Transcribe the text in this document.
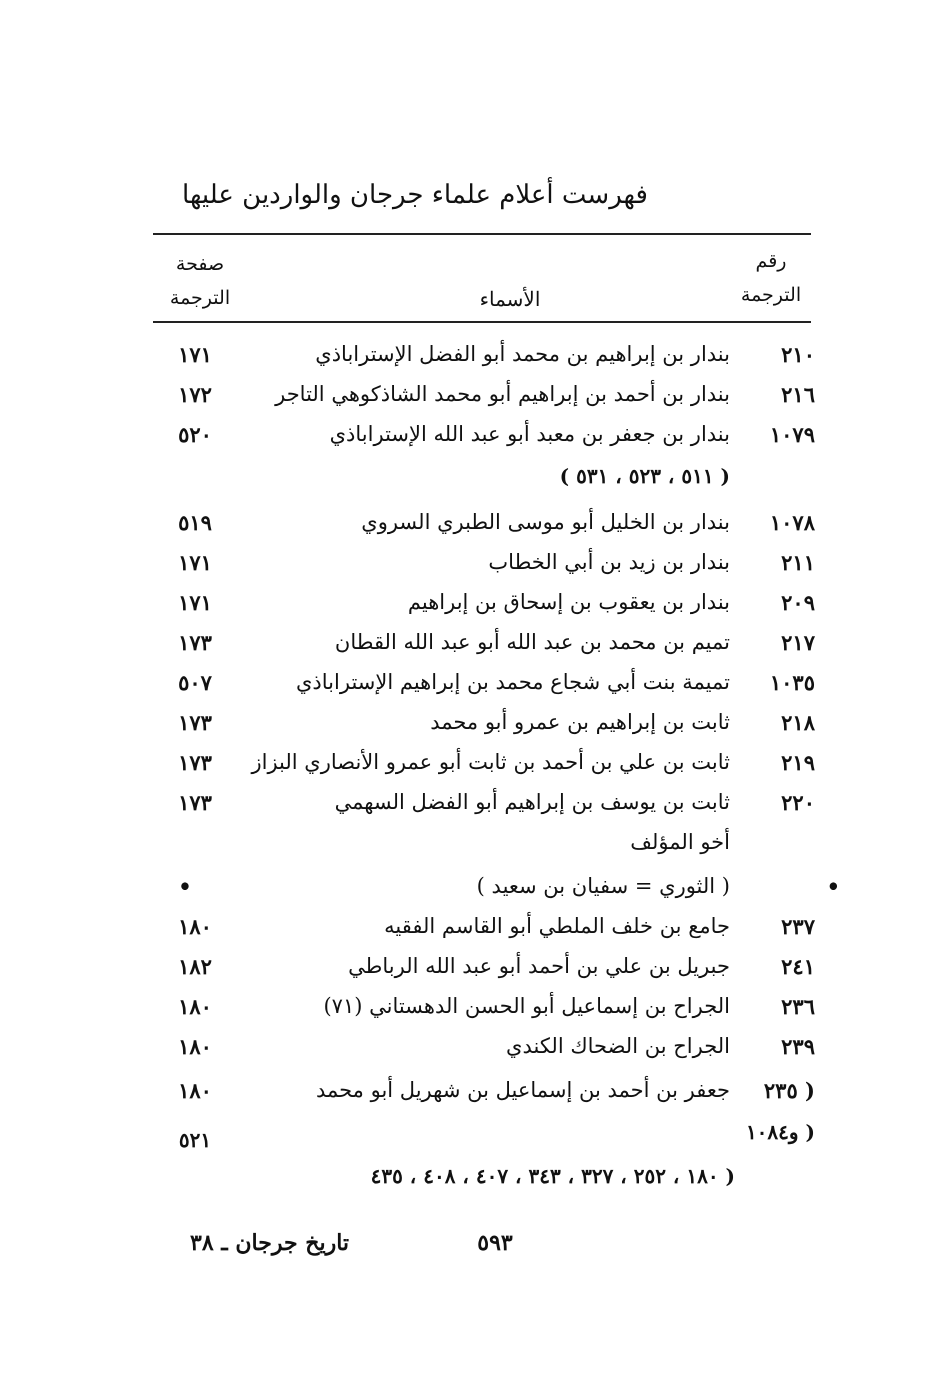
فهرست أعلام علماء جرجان والواردين عليها
رقم
الترجمة
الأسماء
صفحة
الترجمة
٢١٠
بندار بن إبراهيم بن محمد أبو الفضل الإستراباذي
١٧١
٢١٦
بندار بن أحمد بن إبراهيم أبو محمد الشاذكوهي التاجر
١٧٢
١٠٧٩
بندار بن جعفر بن معبد أبو عبد الله الإستراباذي
٥٢٠
( ٥١١ ، ٥٢٣ ، ٥٣١ )
١٠٧٨
بندار بن الخليل أبو موسى الطبري السروي
٥١٩
٢١١
بندار بن زيد بن أبي الخطاب
١٧١
٢٠٩
بندار بن يعقوب بن إسحاق بن إبراهيم
١٧١
٢١٧
تميم بن محمد بن عبد الله أبو عبد الله القطان
١٧٣
١٠٣٥
تميمة بنت أبي شجاع محمد بن إبراهيم الإستراباذي
٥٠٧
٢١٨
ثابت بن إبراهيم بن عمرو أبو محمد
١٧٣
٢١٩
ثابت بن علي بن أحمد بن ثابت أبو عمرو الأنصاري البزاز
١٧٣
٢٢٠
ثابت بن يوسف بن إبراهيم أبو الفضل السهمي
١٧٣
أخو المؤلف
•
( الثوري = سفيان بن سعيد )
•
٢٣٧
جامع بن خلف الملطي أبو القاسم الفقيه
١٨٠
٢٤١
جبريل بن علي بن أحمد أبو عبد الله الرباطي
١٨٢
٢٣٦
الجراح بن إسماعيل أبو الحسن الدهستاني (٧١)
١٨٠
٢٣٩
الجراح بن الضحاك الكندي
١٨٠
( ٢٣٥
جعفر بن أحمد بن إسماعيل بن شهريل أبو محمد
١٨٠
( و١٠٨٤
٥٢١
( ١٨٠ ، ٢٥٢ ، ٣٢٧ ، ٣٤٣ ، ٤٠٧ ، ٤٠٨ ، ٤٣٥
٥٩٣
تاريخ جرجان ـ ٣٨
